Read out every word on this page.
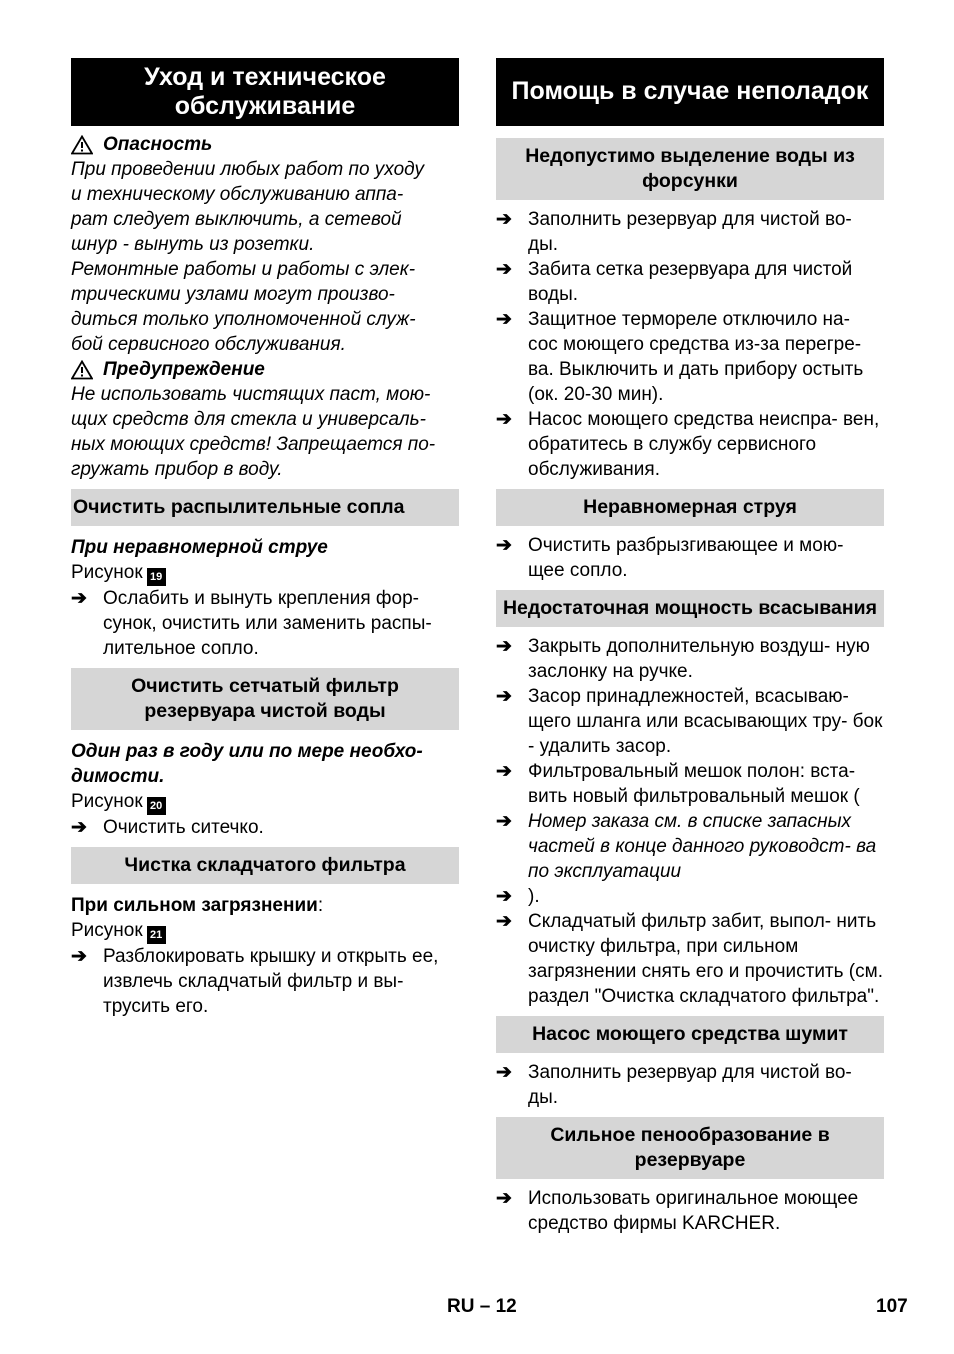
Уход и техническое обслуживание
Опасность

При проведении любых работ по уходу

и техническому обслуживанию аппа-

рат следует выключить, а сетевой

шнур - вынуть из розетки.

Ремонтные работы и работы с элек-

трическими узлами могут произво-

диться только уполномоченной служ-

бой сервисного обслуживания.

Предупреждение

Не использовать чистящих паст, мою-

щих средств для стекла и универсаль-

ных моющих средств! Запрещается по-

гружать прибор в воду.

Очистить распылительные сопла

При неравномерной струе

Рисунок 19

➔ Ослабить и вынуть крепления фор- сунок, очистить или заменить распы- лительное сопло.
Очистить сетчатый фильтр резервуара чистой воды

Один раз в году или по мере необхо- димости.

Рисунок 20

➔ Очистить ситечко.
Чистка складчатого фильтра

При сильном загрязнении:

Рисунок 21

➔ Разблокировать крышку и открыть ее, извлечь складчатый фильтр и вы- трусить его.
Помощь в случае неполадок
Недопустимо выделение воды из форсунки
➔ Заполнить резервуар для чистой во- ды.
➔ Забита сетка резервуара для чистой воды.
➔ Защитное термореле отключило на- сос моющего средства из-за перегре- ва. Выключить и дать прибору остыть (ок. 20-30 мин).
➔ Насос моющего средства неиспра- вен, обратитесь в службу сервисного обслуживания.
Неравномерная струя
➔ Очистить разбрызгивающее и мою- щее сопло.
Недостаточная мощность всасывания
➔ Закрыть дополнительную воздуш- ную заслонку на ручке.
➔ Засор принадлежностей, всасываю- щего шланга или всасывающих тру- бок - удалить засор.
➔ Фильтровальный мешок полон: вста- вить новый фильтровальный мешок (
➔ Номер заказа см. в списке запасных частей в конце данного руководст- ва по эксплуатации
➔ ).
➔ Складчатый фильтр забит, выпол- нить очистку фильтра, при сильном загрязнении снять его и прочистить (см. раздел "Очистка складчатого фильтра".
Насос моющего средства шумит
➔ Заполнить резервуар для чистой во- ды.
Сильное пенообразование в резервуаре
➔ Использовать оригинальное моющее средство фирмы KARCHER.
RU – 12	107
